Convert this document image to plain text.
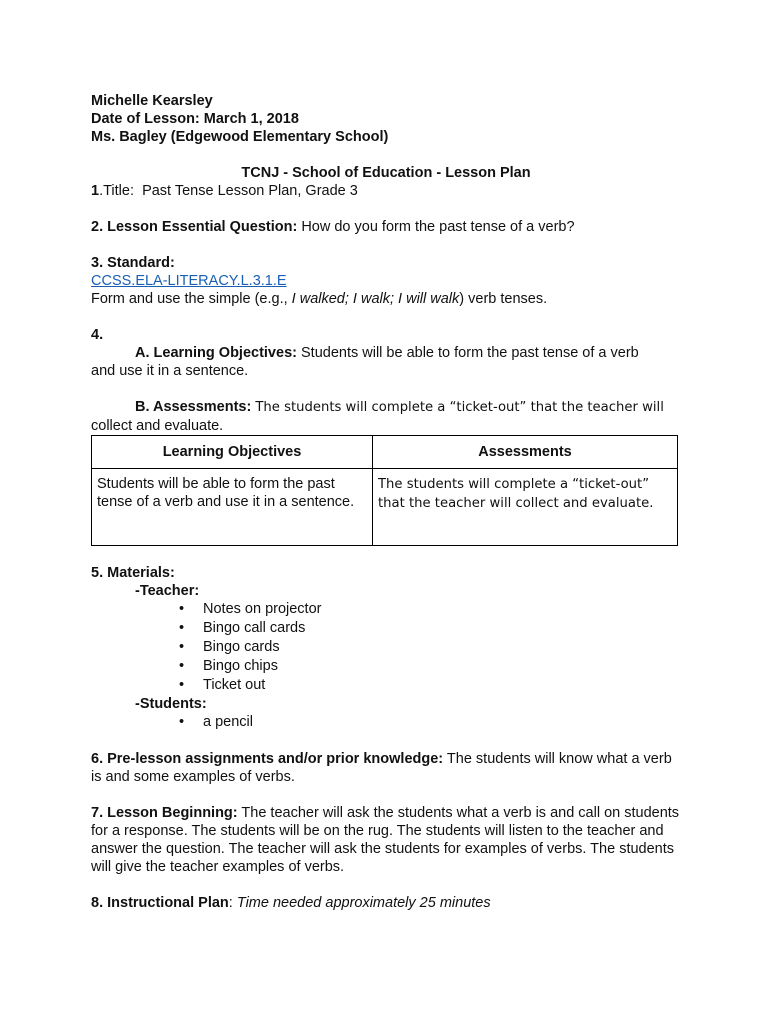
Michelle Kearsley
Date of Lesson: March 1, 2018
Ms. Bagley (Edgewood Elementary School)
TCNJ - School of Education - Lesson Plan
1.Title: Past Tense Lesson Plan, Grade 3
2. Lesson Essential Question: How do you form the past tense of a verb?
3. Standard:
CCSS.ELA-LITERACY.L.3.1.E
Form and use the simple (e.g., I walked; I walk; I will walk) verb tenses.
4.
A. Learning Objectives: Students will be able to form the past tense of a verb
and use it in a sentence.
B. Assessments: The students will complete a “ticket-out” that the teacher will
collect and evaluate.
Learning Objectives	Assessments
Students will be able to form the past tense of a verb and use it in a sentence.	The students will complete a “ticket-out” that the teacher will collect and evaluate.
5. Materials:
-Teacher:
• Notes on projector
• Bingo call cards
• Bingo cards
• Bingo chips
• Ticket out
-Students:
• a pencil
6. Pre-lesson assignments and/or prior knowledge: The students will know what a verb is and some examples of verbs.
7. Lesson Beginning: The teacher will ask the students what a verb is and call on students for a response. The students will be on the rug. The students will listen to the teacher and answer the question. The teacher will ask the students for examples of verbs. The students will give the teacher examples of verbs.
8. Instructional Plan: Time needed approximately 25 minutes
